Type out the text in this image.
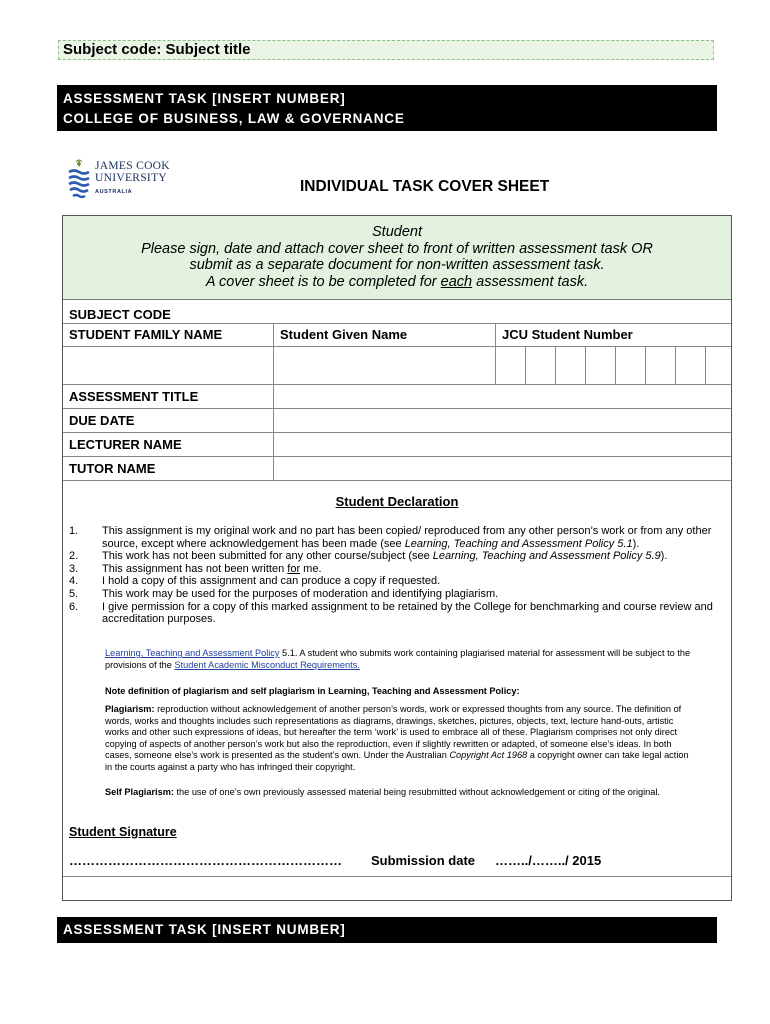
Subject code: Subject title
ASSESSMENT TASK [INSERT NUMBER]
COLLEGE OF BUSINESS, LAW & GOVERNANCE
JAMES COOK
UNIVERSITY
AUSTRALIA	INDIVIDUAL TASK COVER SHEET
Student
Please sign, date and attach cover sheet to front of written assessment task OR
submit as a separate document for non-written assessment task.
A cover sheet is to be completed for each assessment task.
SUBJECT CODE
STUDENT FAMILY NAME	Student Given Name	JCU Student Number
ASSESSMENT TITLE
DUE DATE
LECTURER NAME
TUTOR NAME
Student Declaration
1. This assignment is my original work and no part has been copied/ reproduced from any other person’s work or from any other source, except where acknowledgement has been made (see Learning, Teaching and Assessment Policy 5.1).
2. This work has not been submitted for any other course/subject (see Learning, Teaching and Assessment Policy 5.9).
3. This assignment has not been written for me.
4. I hold a copy of this assignment and can produce a copy if requested.
5. This work may be used for the purposes of moderation and identifying plagiarism.
6. I give permission for a copy of this marked assignment to be retained by the College for benchmarking and course review and accreditation purposes.
Learning, Teaching and Assessment Policy 5.1. A student who submits work containing plagiarised material for assessment will be subject to the provisions of the Student Academic Misconduct Requirements.
Note definition of plagiarism and self plagiarism in Learning, Teaching and Assessment Policy:
Plagiarism: reproduction without acknowledgement of another person’s words, work or expressed thoughts from any source. The definition of words, works and thoughts includes such representations as diagrams, drawings, sketches, pictures, objects, text, lecture hand-outs, artistic works and other such expressions of ideas, but hereafter the term ‘work’ is used to embrace all of these. Plagiarism comprises not only direct copying of aspects of another person’s work but also the reproduction, even if slightly rewritten or adapted, of someone else’s ideas. In both cases, someone else’s work is presented as the student’s own. Under the Australian Copyright Act 1968 a copyright owner can take legal action in the courts against a party who has infringed their copyright.
Self Plagiarism: the use of one’s own previously assessed material being resubmitted without acknowledgement or citing of the original.
Student Signature
……………………………………………………… Submission date ……../……../ 2015
ASSESSMENT TASK [INSERT NUMBER]
